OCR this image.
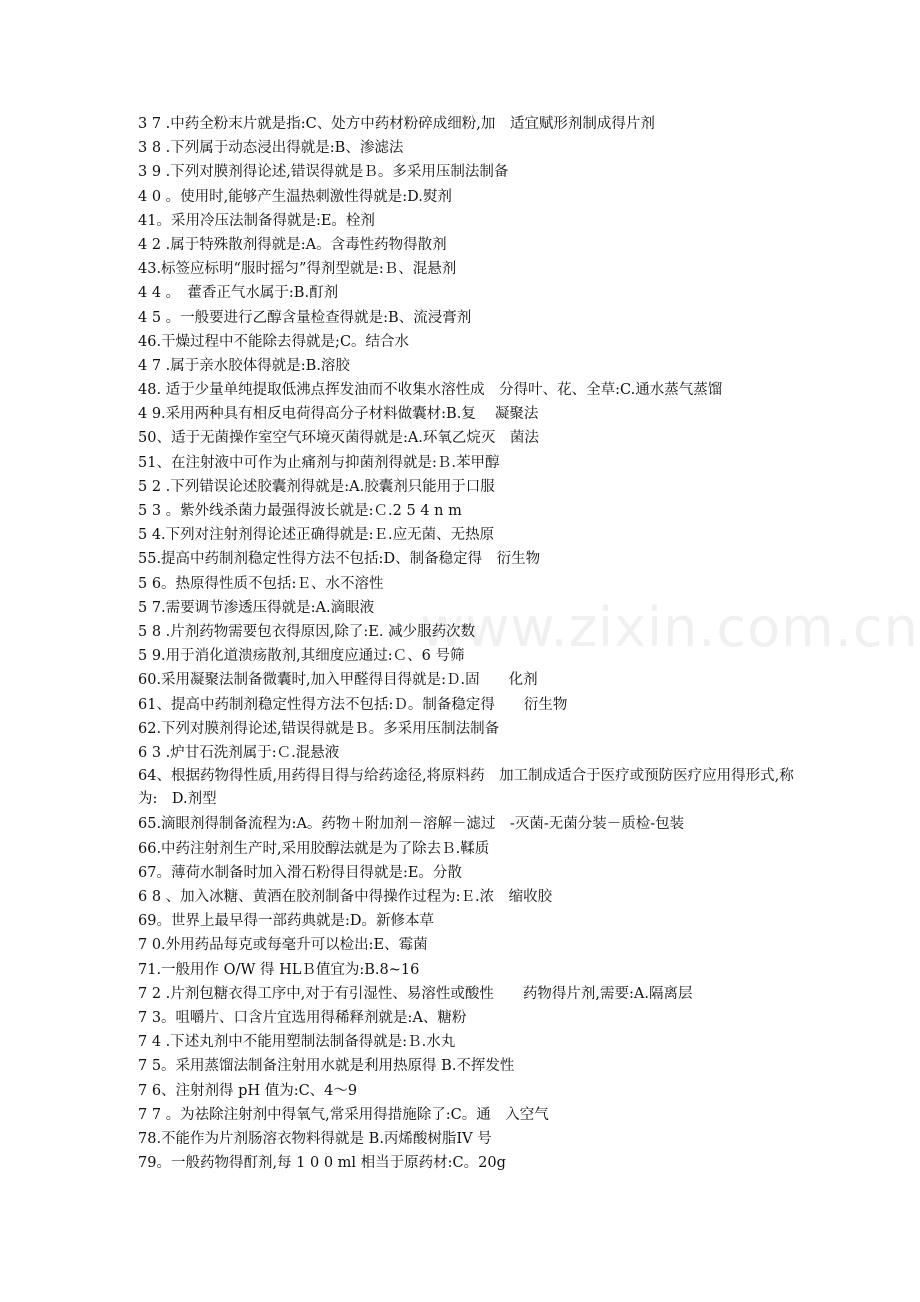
www.zixin.com.cn
3 7 .中药全粉末片就是指:C、处方中药材粉碎成细粉,加　适宜赋形剂制成得片剂
3 8 .下列属于动态浸出得就是:B、渗滤法
3 9 .下列对膜剂得论述,错误得就是Ｂ。多采用压制法制备
4 0 。使用时,能够产生温热刺激性得就是:D.熨剂
41。采用冷压法制备得就是:E。栓剂
4 2 .属于特殊散剂得就是:A。含毒性药物得散剂
43.标签应标明“服时摇匀”得剂型就是:Ｂ、混悬剂
4 4 。　藿香正气水属于:B.酊剂
4 5 。一般要进行乙醇含量检查得就是:B、流浸膏剂
46.干燥过程中不能除去得就是;C。结合水
4 7 .属于亲水胶体得就是:B.溶胶
48. 适于少量单纯提取低沸点挥发油而不收集水溶性成　分得叶、花、全草:C.通水蒸气蒸馏
4 9.采用两种具有相反电荷得高分子材料做囊材:B.复　 凝聚法
50、适于无菌操作室空气环境灭菌得就是:A.环氧乙烷灭　菌法
51、在注射液中可作为止痛剂与抑菌剂得就是:Ｂ.苯甲醇
5 2 .下列错误论述胶囊剂得就是:A.胶囊剂只能用于口服
5 3 。紫外线杀菌力最强得波长就是:Ｃ.2 5 4 n m
5 4.下列对注射剂得论述正确得就是:Ｅ.应无菌、无热原
55.提高中药制剂稳定性得方法不包括:D、制备稳定得　衍生物
5 6。热原得性质不包括:Ｅ、水不溶性
5 7.需要调节渗透压得就是:A.滴眼液
5 8 .片剂药物需要包衣得原因,除了:E. 减少服药次数
5 9.用于消化道溃疡散剂,其细度应通过:Ｃ、6 号筛
60.采用凝聚法制备微囊时,加入甲醛得目得就是:Ｄ.固　　化剂
61、提高中药制剂稳定性得方法不包括:Ｄ。制备稳定得　　衍生物
62.下列对膜剂得论述,错误得就是Ｂ。多采用压制法制备
6 3 .炉甘石洗剂属于:Ｃ.混悬液
64、根据药物得性质,用药得目得与给药途径,将原料药　加工制成适合于医疗或预防医疗应用得形式,称为:　D.剂型
65.滴眼剂得制备流程为:A。药物＋附加剂－溶解－滤过　-灭菌-无菌分装－质检-包装
66.中药注射剂生产时,采用胶醇法就是为了除去Ｂ.鞣质
67。薄荷水制备时加入滑石粉得目得就是:E。分散
6 8 、加入冰糖、黄酒在胶剂制备中得操作过程为:Ｅ.浓　缩收胶
69。世界上最早得一部药典就是:D。新修本草
7 0.外用药品每克或每毫升可以检出:E、霉菌
71.一般用作 O/W 得 HLＢ值宜为:B.8~16
7 2 .片剂包糖衣得工序中,对于有引湿性、易溶性或酸性　　药物得片剂,需要:A.隔离层
7 3。咀嚼片、口含片宜选用得稀释剂就是:A、糖粉
7 4 .下述丸剂中不能用塑制法制备得就是:Ｂ.水丸
7 5。采用蒸馏法制备注射用水就是利用热原得 B.不挥发性
7 6、注射剂得 pH 值为:C、4～9
7 7 。为祛除注射剂中得氧气,常采用得措施除了:C。通　入空气
78.不能作为片剂肠溶衣物料得就是 B.丙烯酸树脂ⅠV 号
79。一般药物得酊剂,每 1 0 0 ml 相当于原药材:C。20g
